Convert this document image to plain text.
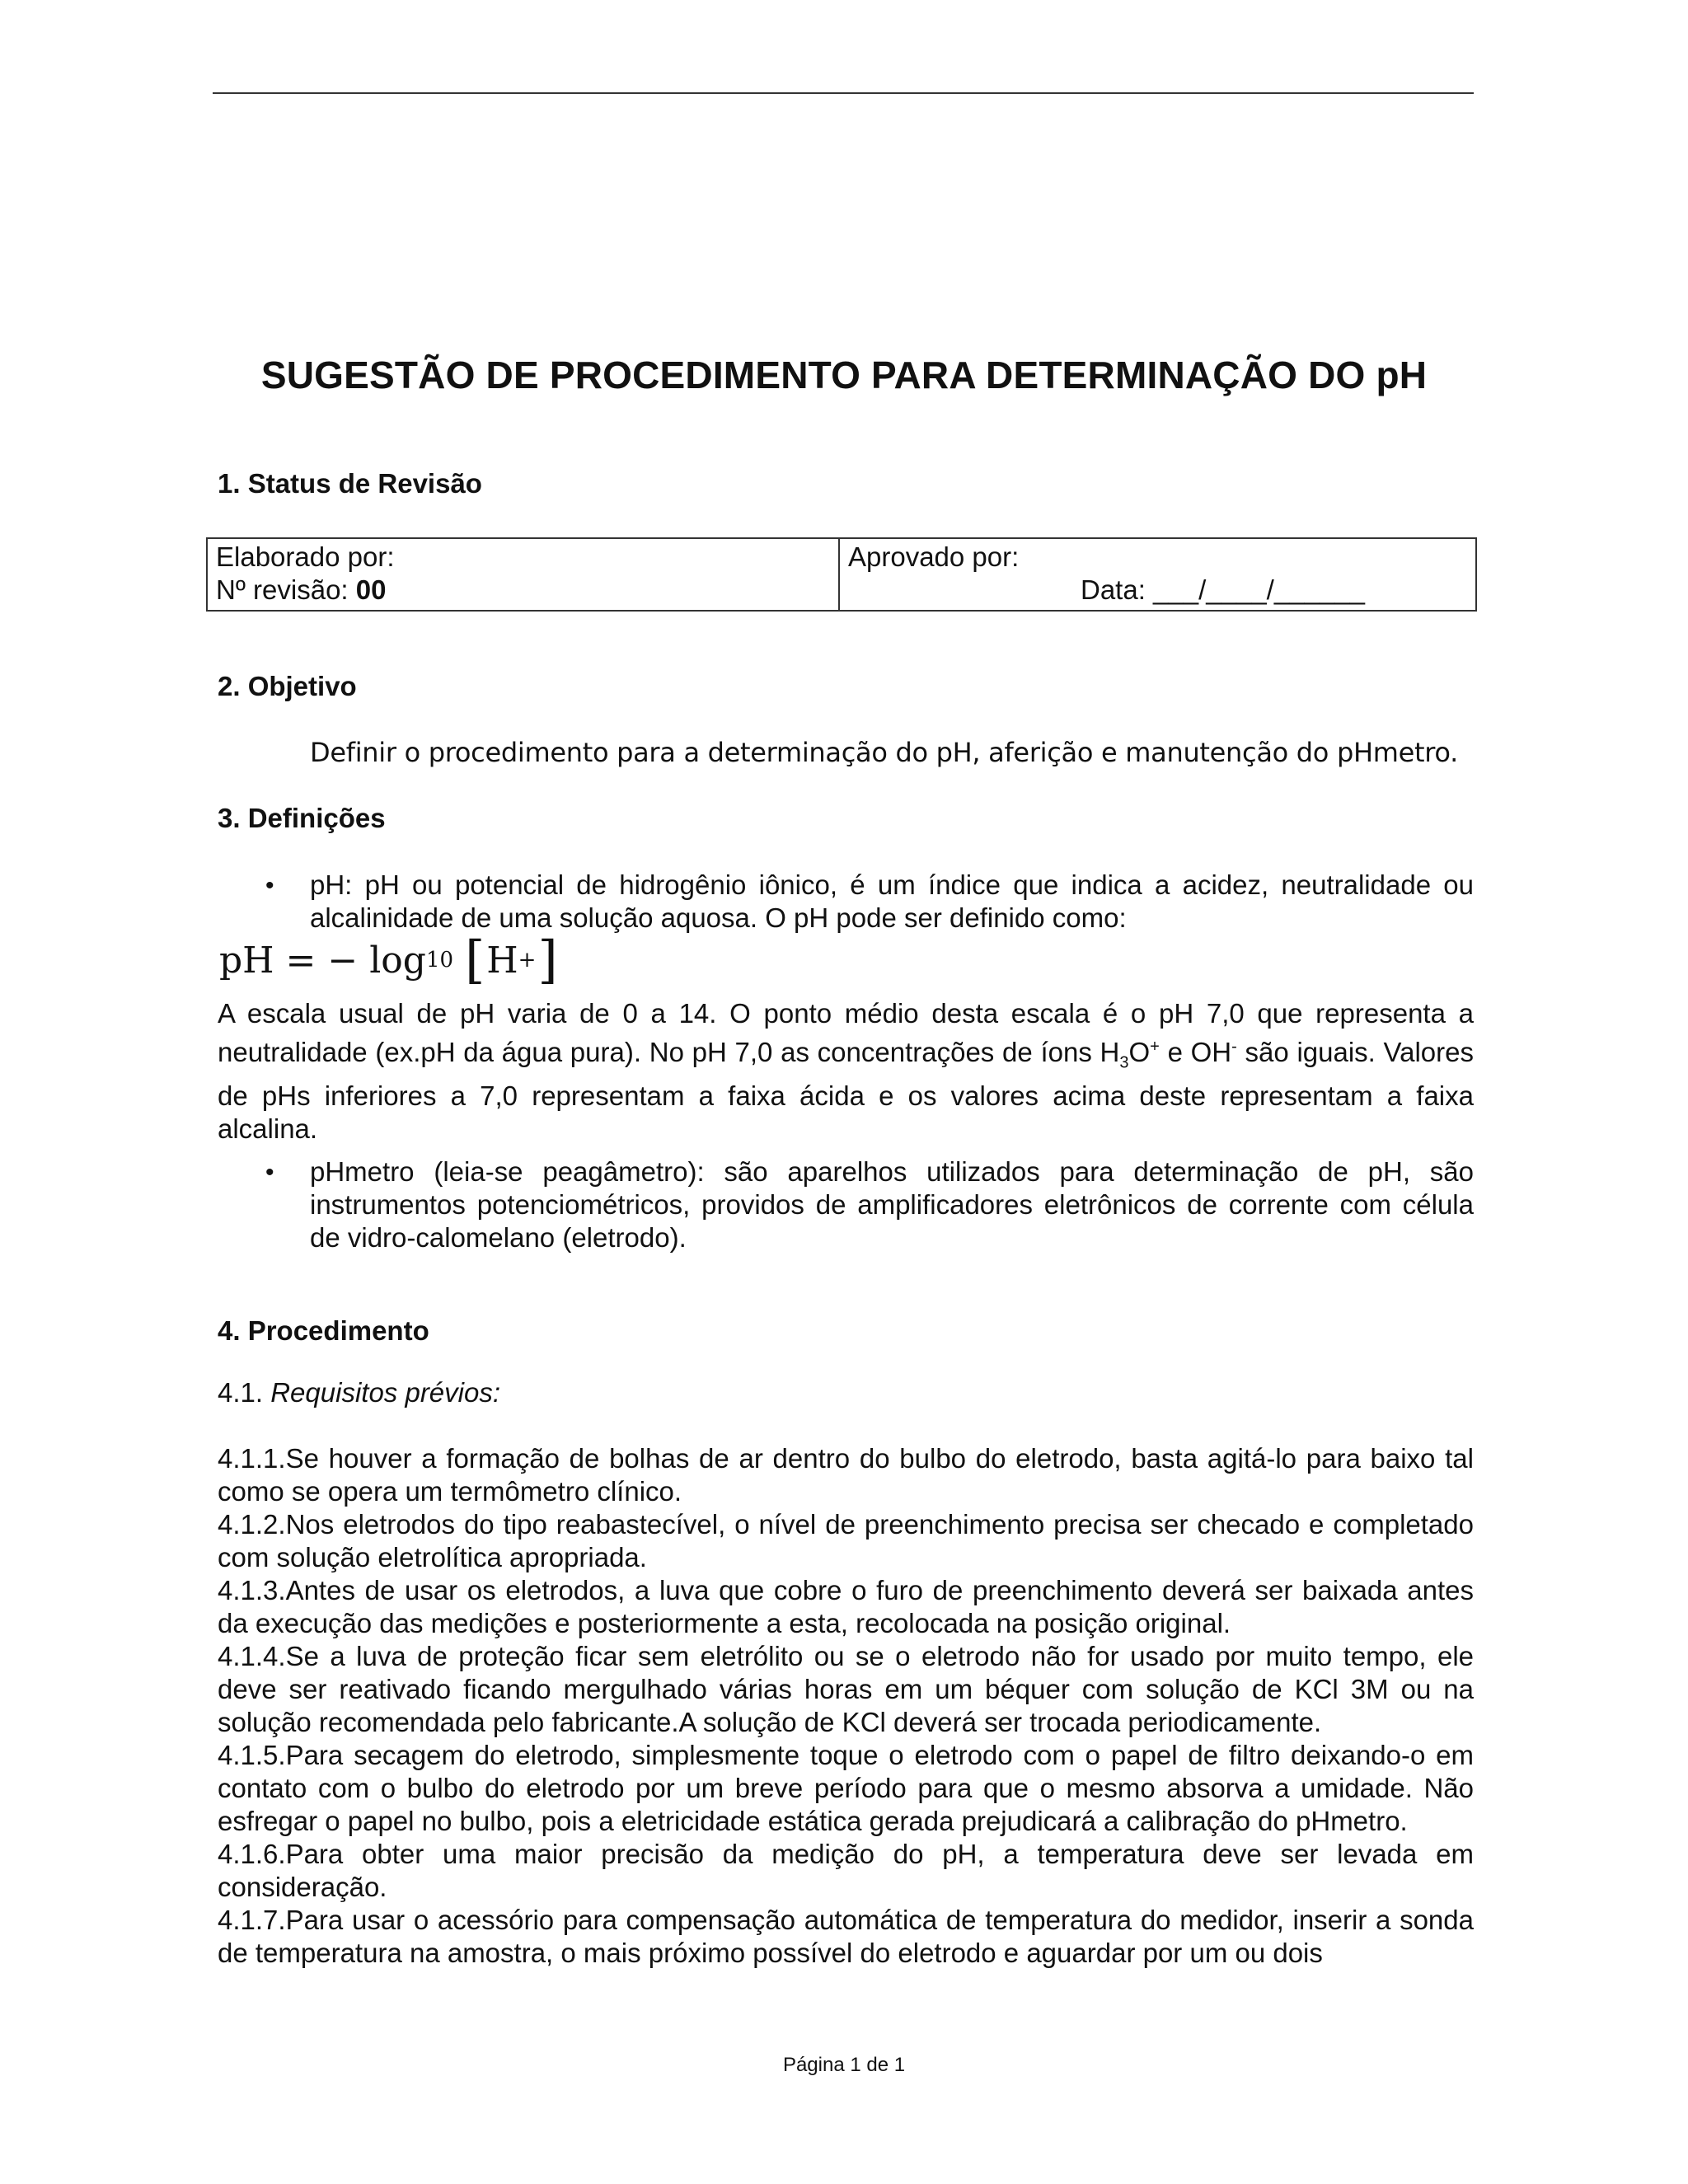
SUGESTÃO DE PROCEDIMENTO PARA DETERMINAÇÃO DO pH
1. Status de Revisão
Elaborado por:
Nº revisão: 00

Aprovado por:
Data: ___/____/______
2. Objetivo
Definir o procedimento para a determinação do pH, aferição e manutenção do pHmetro.
3. Definições
• pH: pH ou potencial de hidrogênio iônico, é um índice que indica a acidez, neutralidade ou alcalinidade de uma solução aquosa. O pH pode ser definido como:
pH = − log 10 [ H + ]
A escala usual de pH varia de 0 a 14. O ponto médio desta escala é o pH 7,0 que representa a neutralidade (ex.pH da água pura). No pH 7,0 as concentrações de íons $H_3O^+$ e OH- são iguais. Valores de pHs inferiores a 7,0 representam a faixa ácida e os valores acima deste representam a faixa alcalina.
• pHmetro (leia-se peagâmetro): são aparelhos utilizados para determinação de pH, são instrumentos potenciométricos, providos de amplificadores eletrônicos de corrente com célula de vidro-calomelano (eletrodo).
4. Procedimento
4.1. Requisitos prévios:
4.1.1.Se houver a formação de bolhas de ar dentro do bulbo do eletrodo, basta agitá-lo para baixo tal como se opera um termômetro clínico.
4.1.2.Nos eletrodos do tipo reabastecível, o nível de preenchimento precisa ser checado e completado com solução eletrolítica apropriada.
4.1.3.Antes de usar os eletrodos, a luva que cobre o furo de preenchimento deverá ser baixada antes da execução das medições e posteriormente a esta, recolocada na posição original.
4.1.4.Se a luva de proteção ficar sem eletrólito ou se o eletrodo não for usado por muito tempo, ele deve ser reativado ficando mergulhado várias horas em um béquer com solução de KCl 3M ou na solução recomendada pelo fabricante.A solução de KCl deverá ser trocada periodicamente.
4.1.5.Para secagem do eletrodo, simplesmente toque o eletrodo com o papel de filtro deixando-o em contato com o bulbo do eletrodo por um breve período para que o mesmo absorva a umidade. Não esfregar o papel no bulbo, pois a eletricidade estática gerada prejudicará a calibração do pHmetro.
4.1.6.Para obter uma maior precisão da medição do pH, a temperatura deve ser levada em consideração.
4.1.7.Para usar o acessório para compensação automática de temperatura do medidor, inserir a sonda de temperatura na amostra, o mais próximo possível do eletrodo e aguardar por um ou dois
Página 1 de 1
